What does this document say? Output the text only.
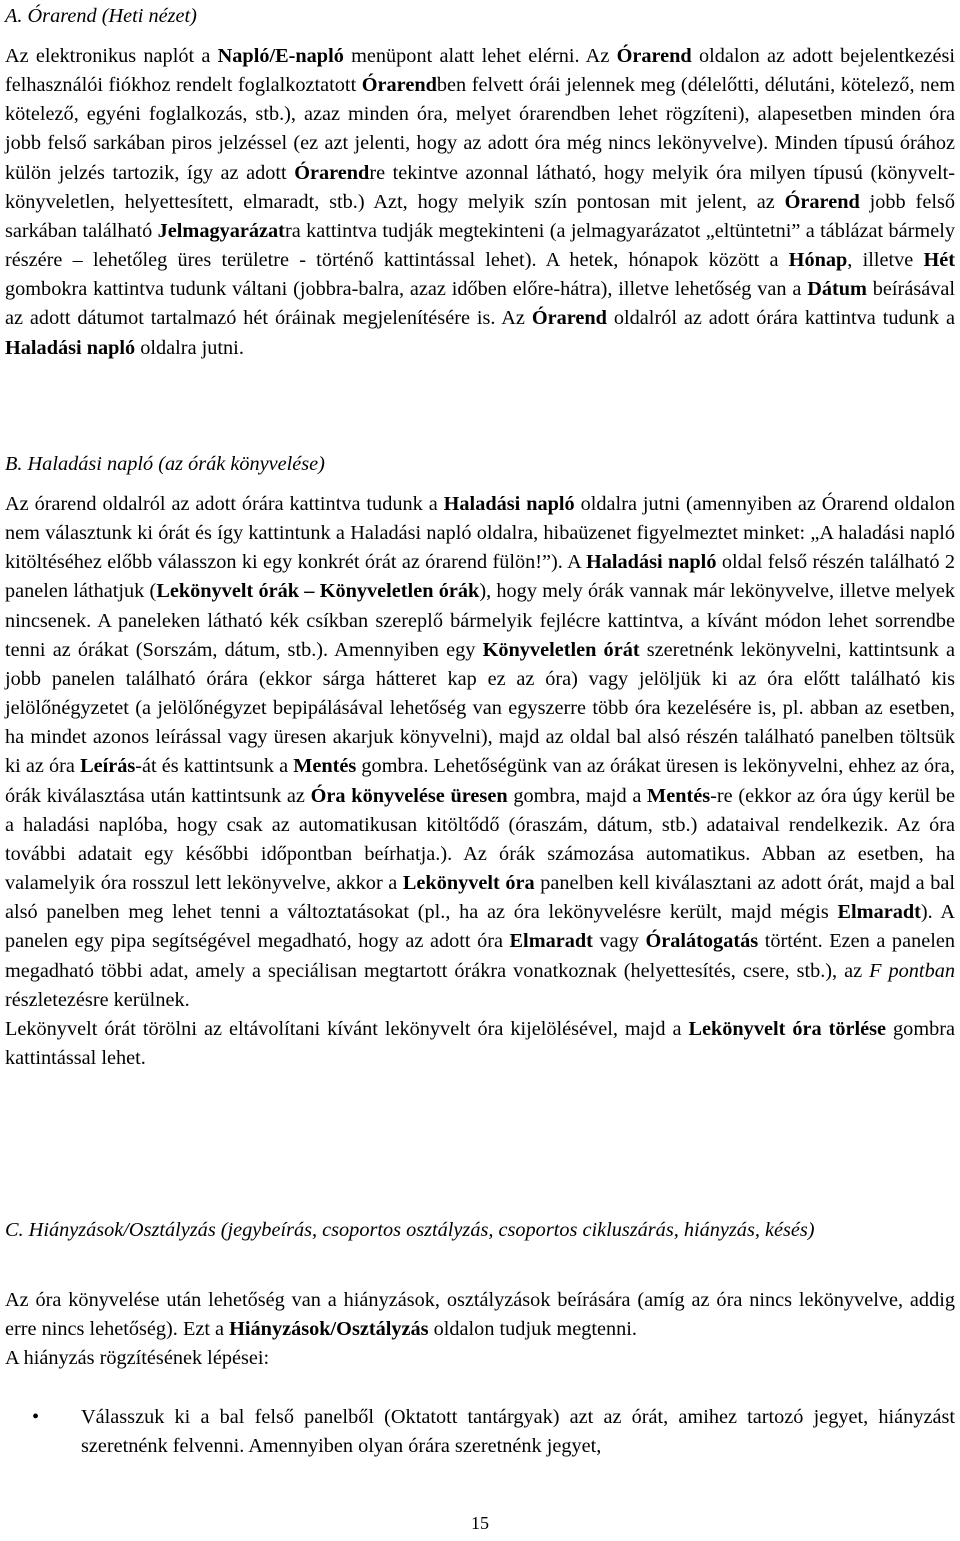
A. Órarend (Heti nézet)

Az elektronikus naplót a Napló/E-napló menüpont alatt lehet elérni. Az Órarend oldalon az adott bejelentkezési felhasználói fiókhoz rendelt foglalkoztatott Órarendben felvett órái jelennek meg (délelőtti, délutáni, kötelező, nem kötelező, egyéni foglalkozás, stb.), azaz minden óra, melyet órarendben lehet rögzíteni), alapesetben minden óra jobb felső sarkában piros jelzéssel (ez azt jelenti, hogy az adott óra még nincs lekönyvelve). Minden típusú órához külön jelzés tartozik, így az adott Órarendre tekintve azonnal látható, hogy melyik óra milyen típusú (könyvelt-könyveletlen, helyettesített, elmaradt, stb.) Azt, hogy melyik szín pontosan mit jelent, az Órarend jobb felső sarkában található Jelmagyarázatra kattintva tudják megtekinteni (a jelmagyarázatot „eltüntetni” a táblázat bármely részére – lehetőleg üres területre - történő kattintással lehet). A hetek, hónapok között a Hónap, illetve Hét gombokra kattintva tudunk váltani (jobbra-balra, azaz időben előre-hátra), illetve lehetőség van a Dátum beírásával az adott dátumot tartalmazó hét óráinak megjelenítésére is. Az Órarend oldalról az adott órára kattintva tudunk a Haladási napló oldalra jutni.

B. Haladási napló (az órák könyvelése)

Az órarend oldalról az adott órára kattintva tudunk a Haladási napló oldalra jutni (amennyiben az Órarend oldalon nem választunk ki órát és így kattintunk a Haladási napló oldalra, hibaüzenet figyelmeztet minket: „A haladási napló kitöltéséhez előbb válasszon ki egy konkrét órát az órarend fülön!”). A Haladási napló oldal felső részén található 2 panelen láthatjuk (Lekönyvelt órák – Könyveletlen órák), hogy mely órák vannak már lekönyvelve, illetve melyek nincsenek. A paneleken látható kék csíkban szereplő bármelyik fejlécre kattintva, a kívánt módon lehet sorrendbe tenni az órákat (Sorszám, dátum, stb.). Amennyiben egy Könyveletlen órát szeretnénk lekönyvelni, kattintsunk a jobb panelen található órára (ekkor sárga hátteret kap ez az óra) vagy jelöljük ki az óra előtt található kis jelölőnégyzetet (a jelölőnégyzet bepipálásával lehetőség van egyszerre több óra kezelésére is, pl. abban az esetben, ha mindet azonos leírással vagy üresen akarjuk könyvelni), majd az oldal bal alsó részén található panelben töltsük ki az óra Leírás-át és kattintsunk a Mentés gombra. Lehetőségünk van az órákat üresen is lekönyvelni, ehhez az óra, órák kiválasztása után kattintsunk az Óra könyvelése üresen gombra, majd a Mentés-re (ekkor az óra úgy kerül be a haladási naplóba, hogy csak az automatikusan kitöltődő (óraszám, dátum, stb.) adataival rendelkezik. Az óra további adatait egy későbbi időpontban beírhatja.). Az órák számozása automatikus. Abban az esetben, ha valamelyik óra rosszul lett lekönyvelve, akkor a Lekönyvelt óra panelben kell kiválasztani az adott órát, majd a bal alsó panelben meg lehet tenni a változtatásokat (pl., ha az óra lekönyvelésre került, majd mégis Elmaradt). A panelen egy pipa segítségével megadható, hogy az adott óra Elmaradt vagy Óralátogatás történt. Ezen a panelen megadható többi adat, amely a speciálisan megtartott órákra vonatkoznak (helyettesítés, csere, stb.), az F pontban részletezésre kerülnek.
Lekönyvelt órát törölni az eltávolítani kívánt lekönyvelt óra kijelölésével, majd a Lekönyvelt óra törlése gombra kattintással lehet.

C. Hiányzások/Osztályzás (jegybeírás, csoportos osztályzás, csoportos cikluszárás, hiányzás, késés)

Az óra könyvelése után lehetőség van a hiányzások, osztályzások beírására (amíg az óra nincs lekönyvelve, addig erre nincs lehetőség). Ezt a Hiányzások/Osztályzás oldalon tudjuk megtenni.
A hiányzás rögzítésének lépései:

• Válasszuk ki a bal felső panelből (Oktatott tantárgyak) azt az órát, amihez tartozó jegyet, hiányzást szeretnénk felvenni. Amennyiben olyan órára szeretnénk jegyet,
15
